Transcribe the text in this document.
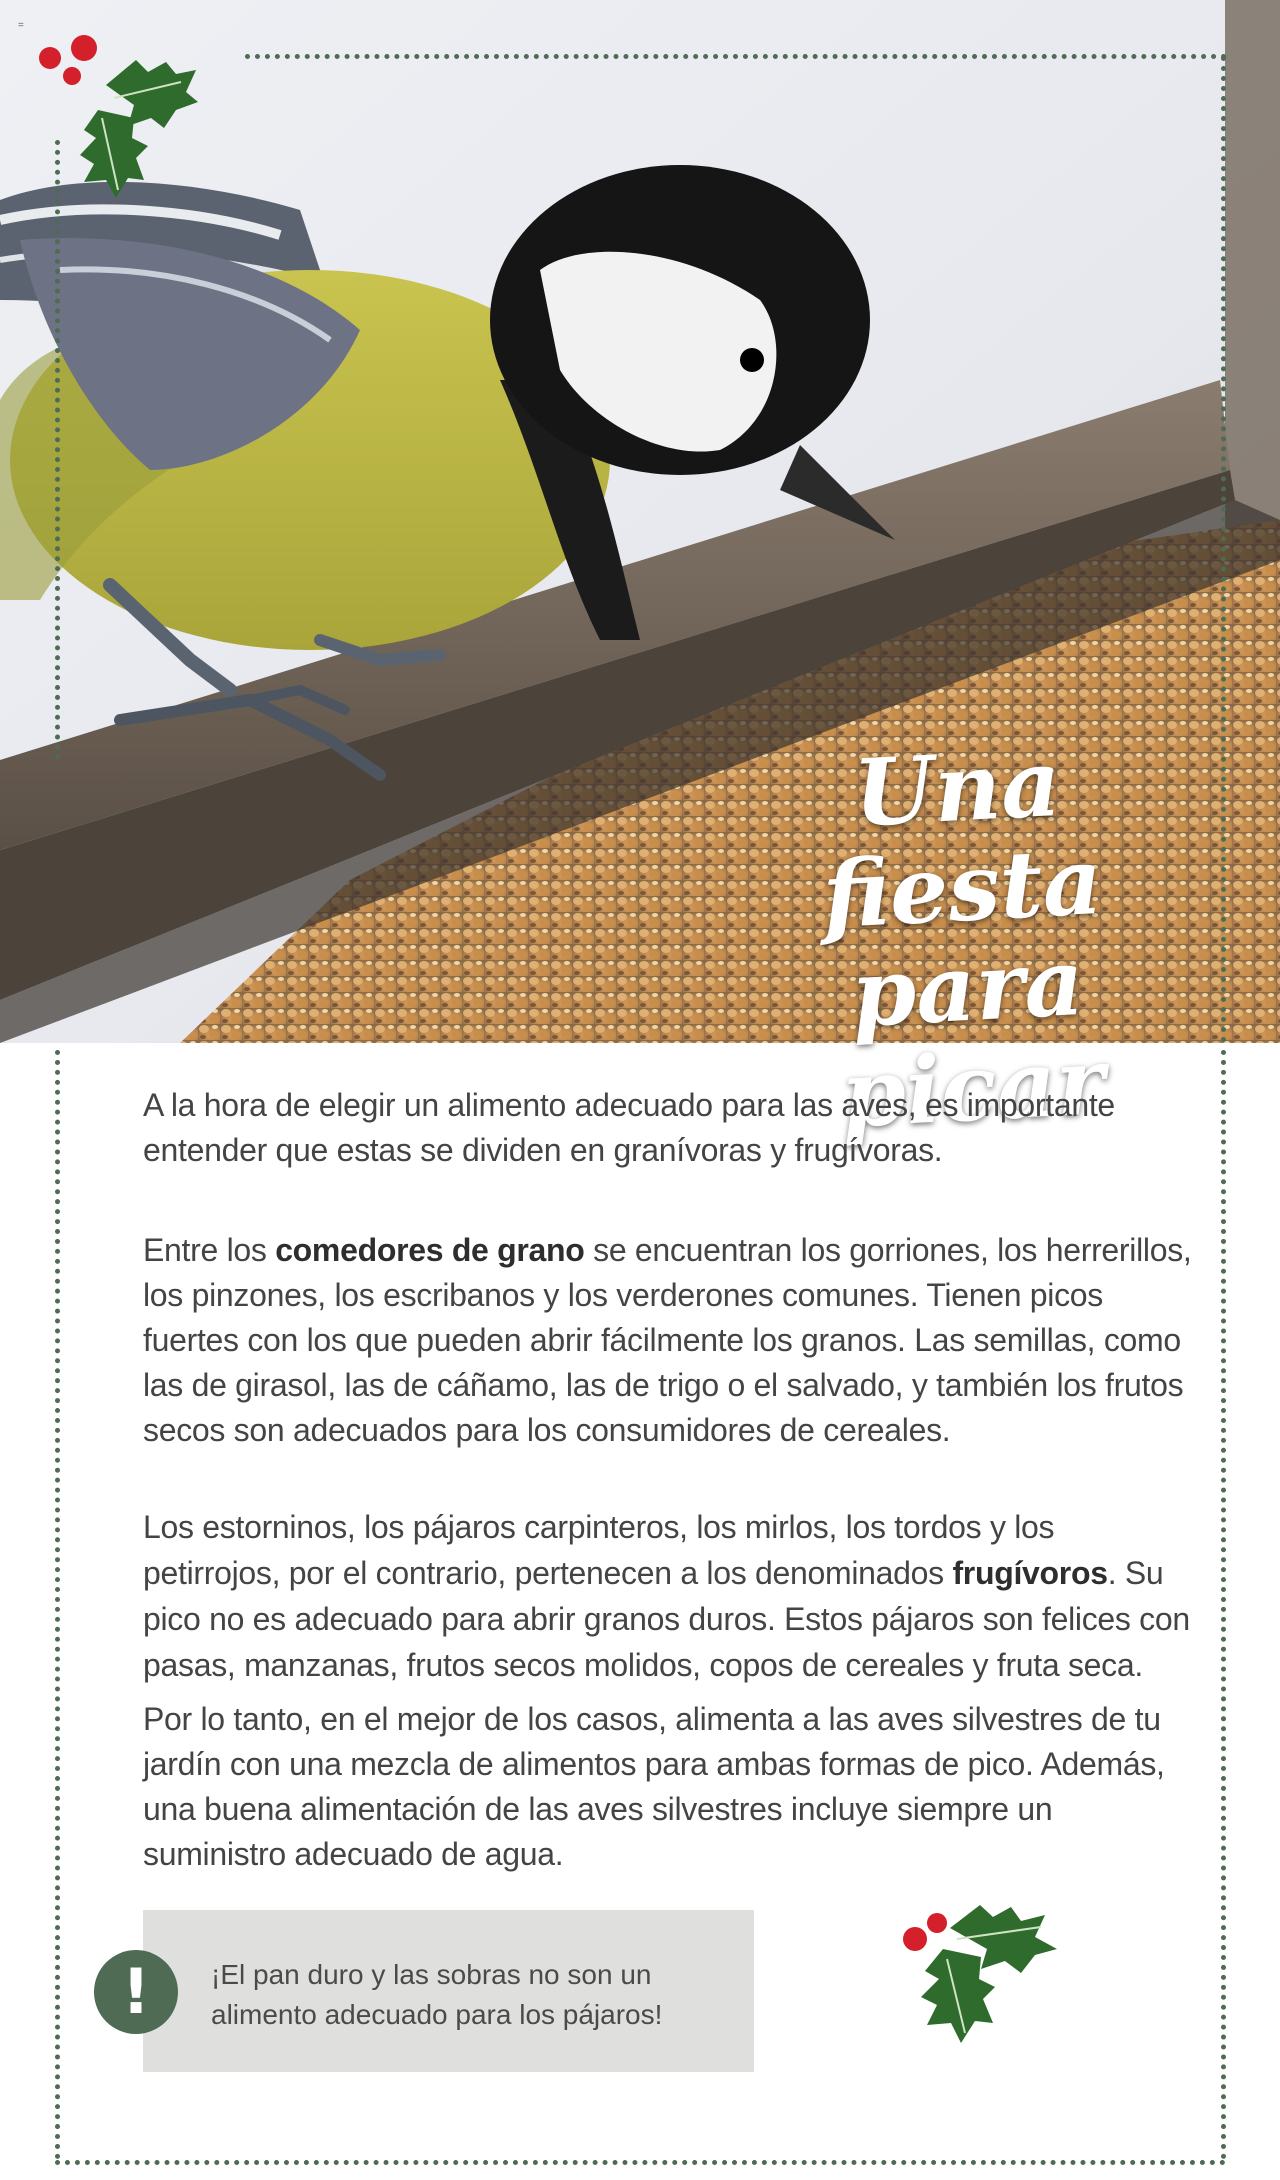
Una fiesta
para picar
=
A la hora de elegir un alimento adecuado para las aves, es importante entender que estas se dividen en granívoras y frugívoras.
Entre los comedores de grano se encuentran los gorriones, los herrerillos, los pinzones, los escribanos y los verderones comunes. Tienen picos fuertes con los que pueden abrir fácilmente los granos. Las semillas, como las de girasol, las de cáñamo, las de trigo o el salvado, y también los frutos secos son adecuados para los consumidores de cereales.
Los estorninos, los pájaros carpinteros, los mirlos, los tordos y los petirrojos, por el contrario, pertenecen a los denominados frugívoros. Su pico no es adecuado para abrir granos duros. Estos pájaros son felices con pasas, manzanas, frutos secos molidos, copos de cereales y fruta seca.
Por lo tanto, en el mejor de los casos, alimenta a las aves silvestres de tu jardín con una mezcla de alimentos para ambas formas de pico. Además, una buena alimentación de las aves silvestres incluye siempre un suministro adecuado de agua.
¡El pan duro y las sobras no son un alimento adecuado para los pájaros!
!
